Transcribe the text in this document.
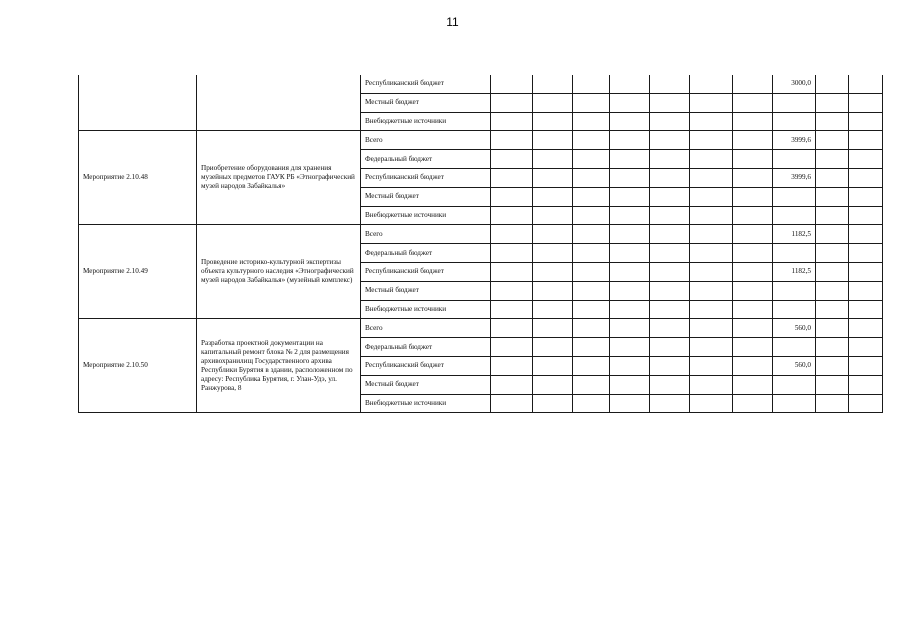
11
		Республиканский бюджет								3000,0		
		Местный бюджет										
		Внебюджетные источники										
Мероприятие 2.10.48	Приобретение оборудования для хранения музейных предметов ГАУК РБ «Этнографический музей народов Забайкалья»	Всего								3999,6		
		Федеральный бюджет										
		Республиканский бюджет								3999,6		
		Местный бюджет										
		Внебюджетные источники										
Мероприятие 2.10.49	Проведение историко-культурной экспертизы объекта культурного наследия «Этнографический музей народов Забайкалья» (музейный комплекс)	Всего								1182,5		
		Федеральный бюджет										
		Республиканский бюджет								1182,5		
		Местный бюджет										
		Внебюджетные источники										
Мероприятие 2.10.50	Разработка проектной документации на капитальный ремонт блока № 2 для размещения архивохранилищ Государственного архива Республики Бурятия в здании, расположенном по адресу: Республика Бурятия, г. Улан-Удэ, ул. Ранжурова, 8	Всего								560,0		
		Федеральный бюджет										
		Республиканский бюджет								560,0		
		Местный бюджет										
		Внебюджетные источники										
